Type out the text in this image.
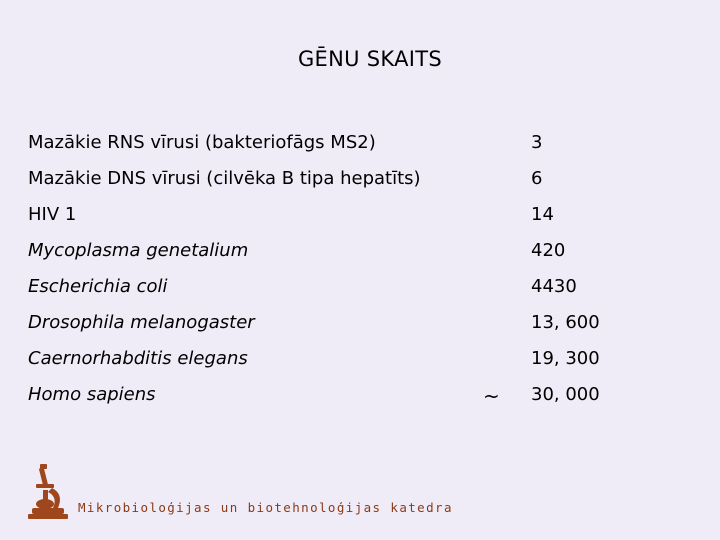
GĒNU SKAITS
Mazākie RNS vīrusi (bakteriofāgs MS2)	3
Mazākie DNS vīrusi (cilvēka B tipa hepatīts)	6
HIV 1	14
Mycoplasma genetalium	420
Escherichia coli	4430
Drosophila melanogaster	13, 600
Caernorhabditis elegans	19, 300
Homo sapiens	~ 30, 000
Mikrobioloģijas un biotehnoloģijas katedra
